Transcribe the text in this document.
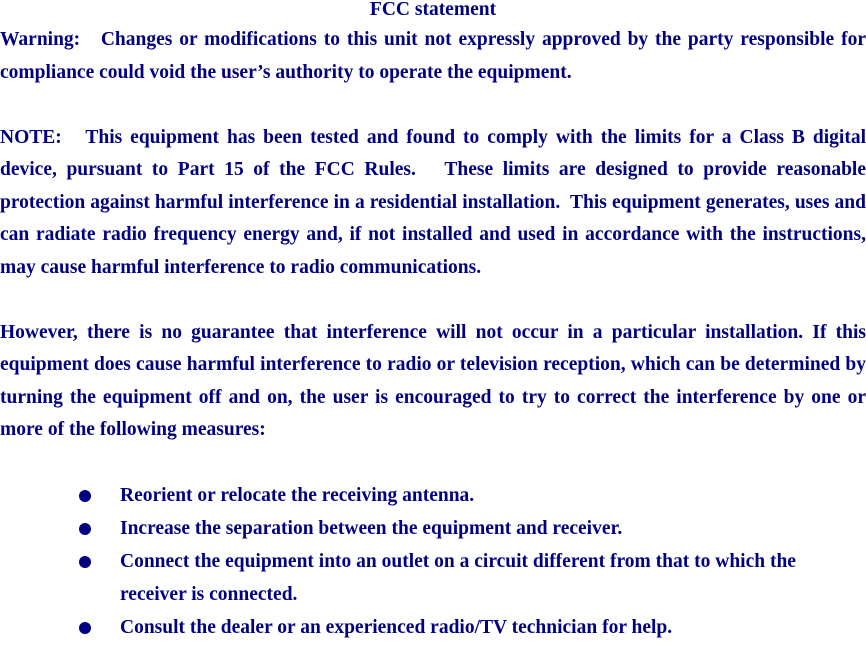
FCC statement

Warning:   Changes or modifications to this unit not expressly approved by the party responsible for compliance could void the user’s authority to operate the equipment.

NOTE:   This equipment has been tested and found to comply with the limits for a Class B digital device, pursuant to Part 15 of the FCC Rules.   These limits are designed to provide reasonable protection against harmful interference in a residential installation.  This equipment generates, uses and can radiate radio frequency energy and, if not installed and used in accordance with the instructions, may cause harmful interference to radio communications.

However, there is no guarantee that interference will not occur in a particular installation. If this equipment does cause harmful interference to radio or television reception, which can be determined by turning the equipment off and on, the user is encouraged to try to correct the interference by one or more of the following measures:

Reorient or relocate the receiving antenna.
Increase the separation between the equipment and receiver.
Connect the equipment into an outlet on a circuit different from that to which the receiver is connected.
Consult the dealer or an experienced radio/TV technician for help.
